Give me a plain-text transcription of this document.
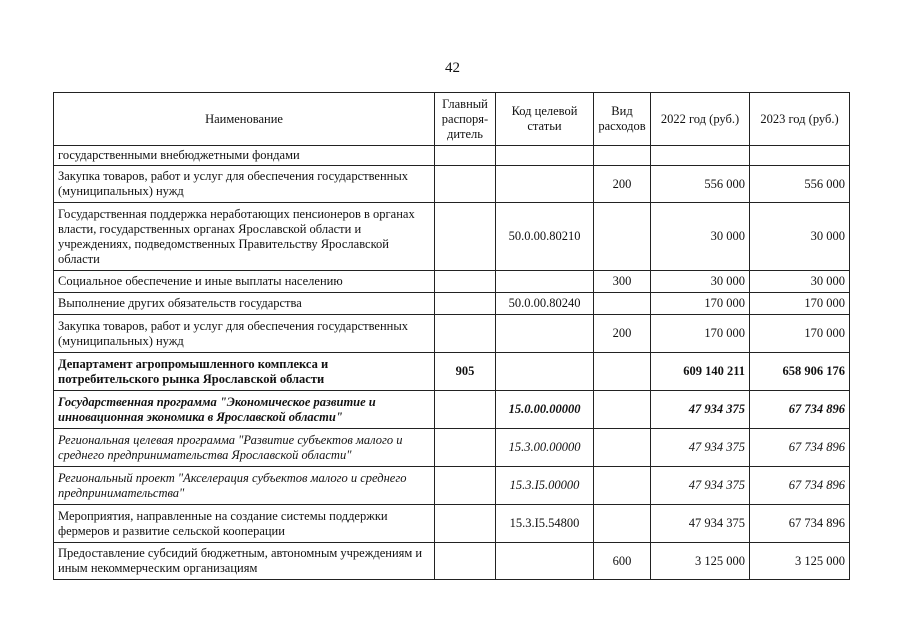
42
Наименование	Главный распоря-дитель	Код целевой статьи	Вид расходов	2022 год (руб.)	2023 год (руб.)
государственными внебюджетными фондами					
Закупка товаров, работ и услуг для обеспечения государственных (муниципальных) нужд			200	556 000	556 000
Государственная поддержка неработающих пенсионеров в органах власти, государственных органах Ярославской области и учреждениях, подведомственных Правительству Ярославской области		50.0.00.80210		30 000	30 000
Социальное обеспечение и иные выплаты населению			300	30 000	30 000
Выполнение других обязательств государства		50.0.00.80240		170 000	170 000
Закупка товаров, работ и услуг для обеспечения государственных (муниципальных) нужд			200	170 000	170 000
Департамент агропромышленного комплекса и потребительского рынка Ярославской области	905			609 140 211	658 906 176
Государственная программа "Экономическое развитие и инновационная экономика в Ярославской области"		15.0.00.00000		47 934 375	67 734 896
Региональная целевая программа "Развитие субъектов малого и среднего предпринимательства Ярославской области"		15.3.00.00000		47 934 375	67 734 896
Региональный проект "Акселерация субъектов малого и среднего предпринимательства"		15.3.I5.00000		47 934 375	67 734 896
Мероприятия, направленные на создание системы поддержки фермеров и развитие сельской кооперации		15.3.I5.54800		47 934 375	67 734 896
Предоставление субсидий бюджетным, автономным учреждениям и иным некоммерческим организациям			600	3 125 000	3 125 000
